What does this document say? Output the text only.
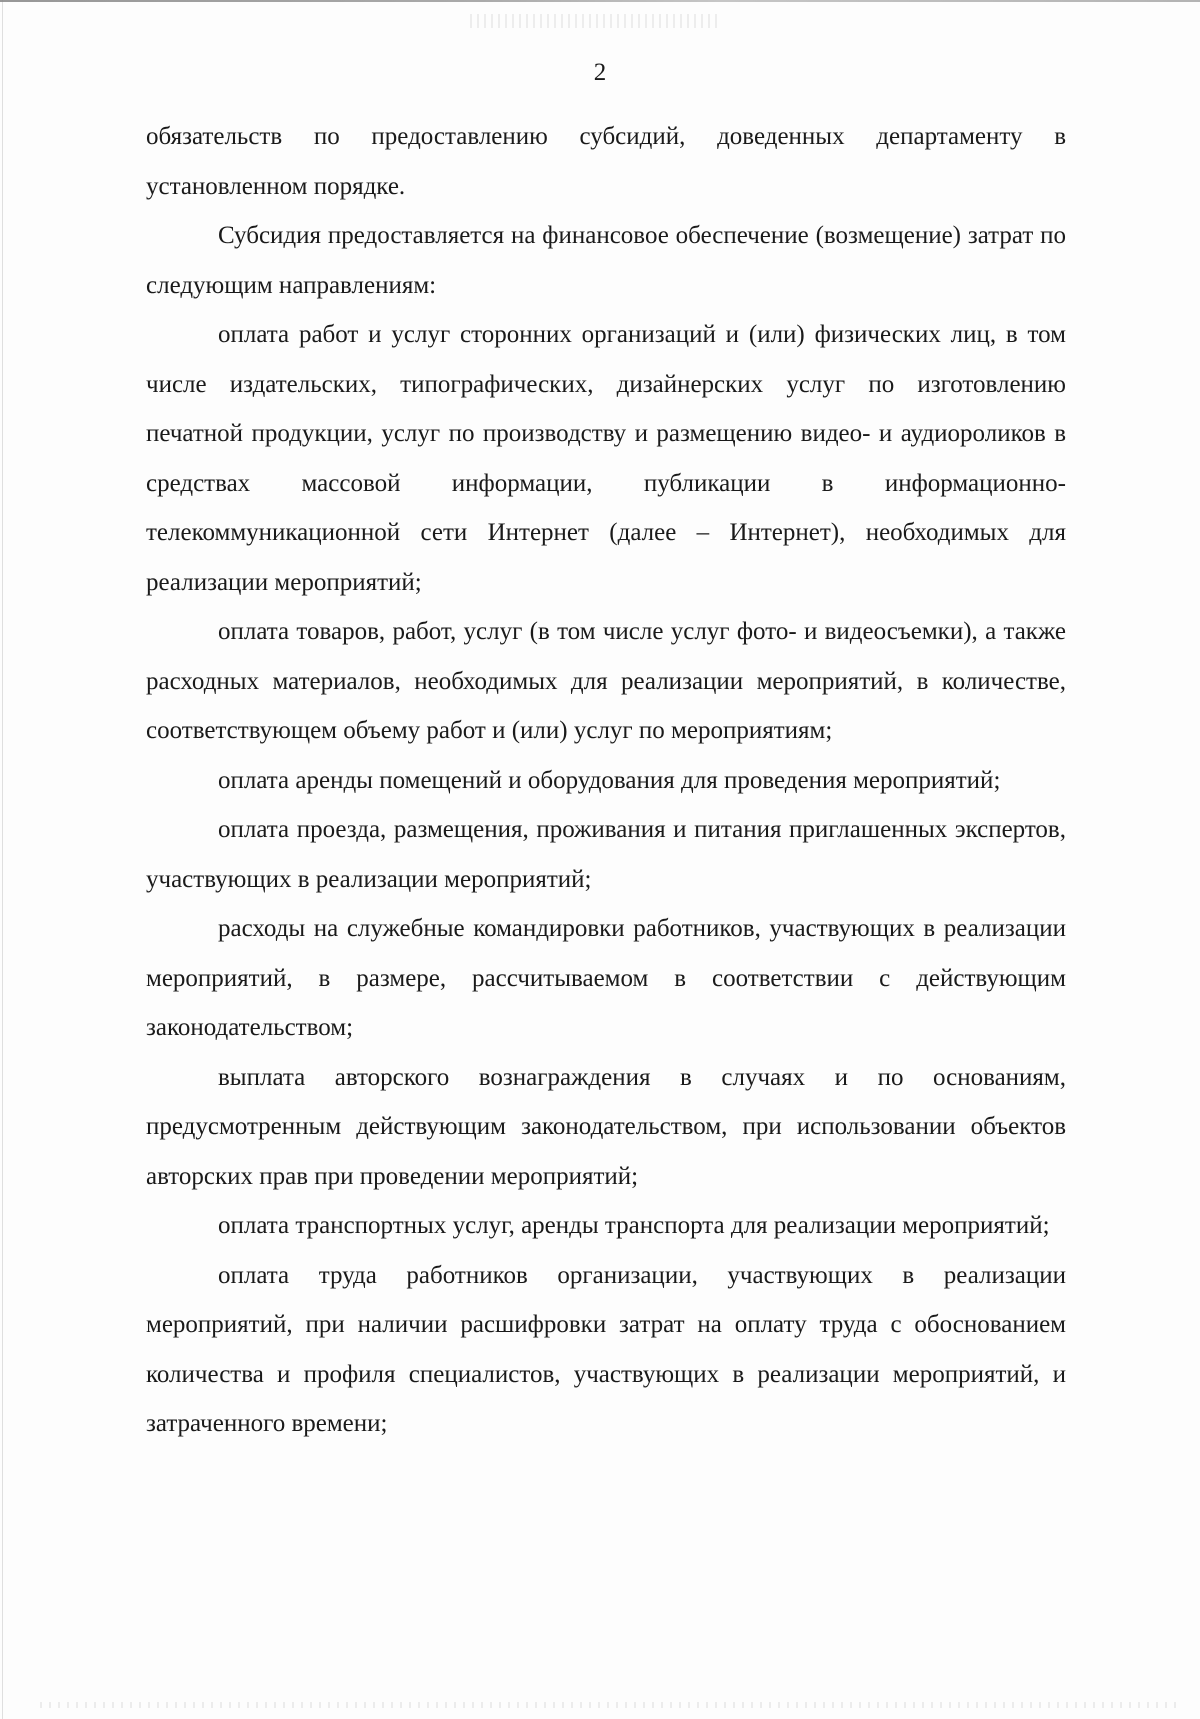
2

обязательств по предоставлению субсидий, доведенных департаменту в установленном порядке.

Субсидия предоставляется на финансовое обеспечение (возмещение) затрат по следующим направлениям:

оплата работ и услуг сторонних организаций и (или) физических лиц, в том числе издательских, типографических, дизайнерских услуг по изготовлению печатной продукции, услуг по производству и размещению видео- и аудиороликов в средствах массовой информации, публикации в информационно-телекоммуникационной сети Интернет (далее – Интернет), необходимых для реализации мероприятий;

оплата товаров, работ, услуг (в том числе услуг фото- и видеосъемки), а также расходных материалов, необходимых для реализации мероприятий, в количестве, соответствующем объему работ и (или) услуг по мероприятиям;

оплата аренды помещений и оборудования для проведения мероприятий;

оплата проезда, размещения, проживания и питания приглашенных экспертов, участвующих в реализации мероприятий;

расходы на служебные командировки работников, участвующих в реализации мероприятий, в размере, рассчитываемом в соответствии с действующим законодательством;

выплата авторского вознаграждения в случаях и по основаниям, предусмотренным действующим законодательством, при использовании объектов авторских прав при проведении мероприятий;

оплата транспортных услуг, аренды транспорта для реализации мероприятий;

оплата труда работников организации, участвующих в реализации мероприятий, при наличии расшифровки затрат на оплату труда с обоснованием количества и профиля специалистов, участвующих в реализации мероприятий, и затраченного времени;
